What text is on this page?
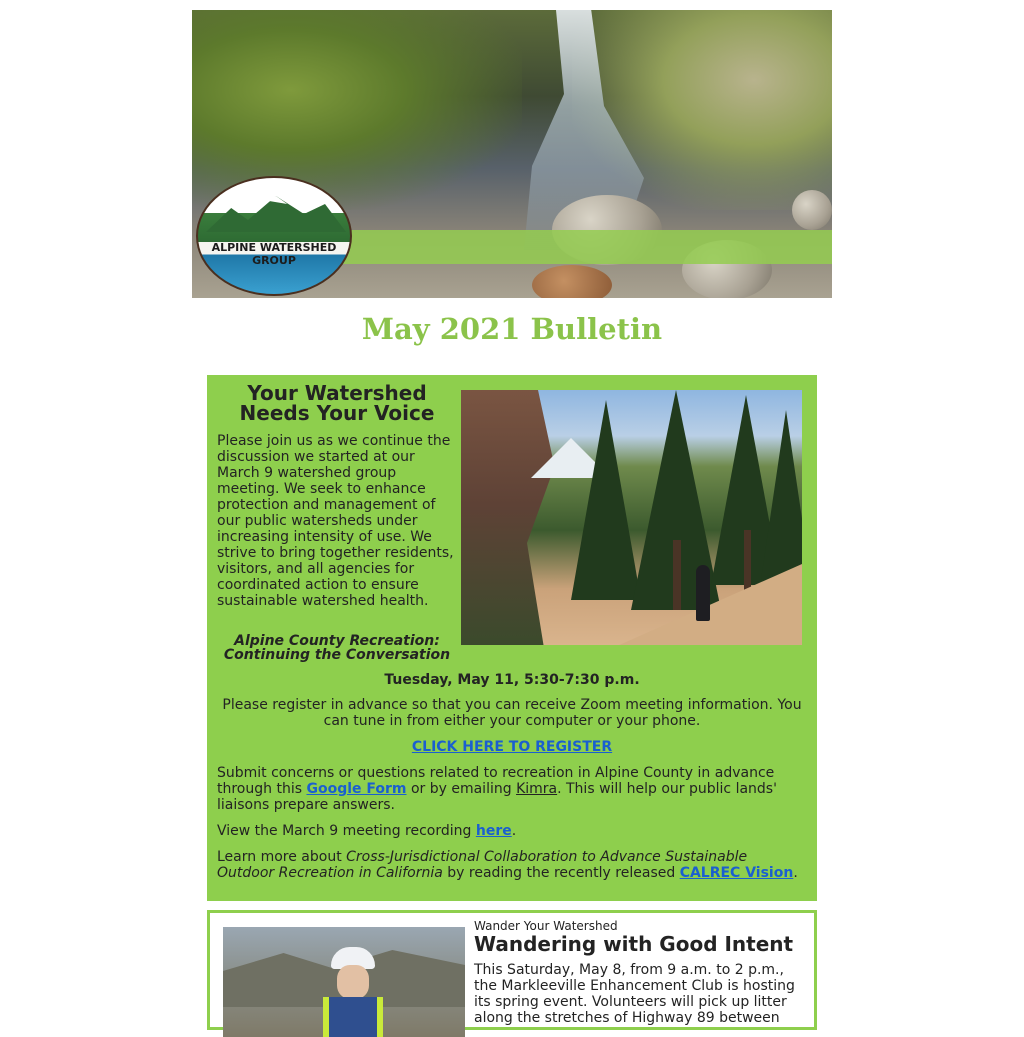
ALPINE WATERSHED GROUP
May 2021 Bulletin
Your Watershed Needs Your Voice
Please join us as we continue the discussion we started at our March 9 watershed group meeting. We seek to enhance protection and management of our public watersheds under increasing intensity of use. We strive to bring together residents, visitors, and all agencies for coordinated action to ensure sustainable watershed health.
Alpine County Recreation: Continuing the Conversation
Tuesday, May 11, 5:30-7:30 p.m.
Please register in advance so that you can receive Zoom meeting information. You can tune in from either your computer or your phone.
CLICK HERE TO REGISTER
Submit concerns or questions related to recreation in Alpine County in advance through this Google Form or by emailing Kimra. This will help our public lands' liaisons prepare answers.
View the March 9 meeting recording here.
Learn more about Cross-Jurisdictional Collaboration to Advance Sustainable Outdoor Recreation in California by reading the recently released CALREC Vision.
Wander Your Watershed
Wandering with Good Intent
This Saturday, May 8, from 9 a.m. to 2 p.m., the Markleeville Enhancement Club is hosting its spring event. Volunteers will pick up litter along the stretches of Highway 89 between
